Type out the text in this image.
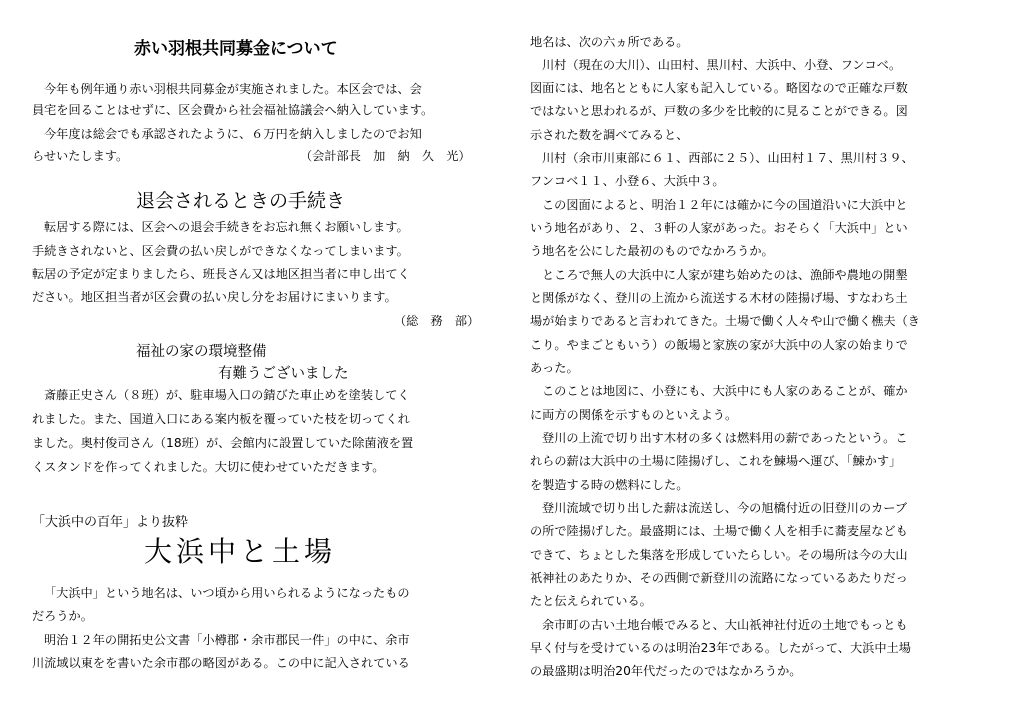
赤い羽根共同募金について
今年も例年通り赤い羽根共同募金が実施されました。本区会では、会
員宅を回ることはせずに、区会費から社会福祉協議会へ納入しています。
今年度は総会でも承認されたように、６万円を納入しましたのでお知
らせいたします。	（会計部長　加　納　久　光）
退会されるときの手続き
転居する際には、区会への退会手続きをお忘れ無くお願いします。
手続きされないと、区会費の払い戻しができなくなってしまいます。
転居の予定が定まりましたら、班長さん又は地区担当者に申し出てく
ださい。地区担当者が区会費の払い戻し分をお届けにまいります。
（総　務　部）
福祉の家の環境整備
有難うございました
斎藤正史さん（８班）が、駐車場入口の錆びた車止めを塗装してく
れました。また、国道入口にある案内板を覆っていた枝を切ってくれ
ました。奥村俊司さん（18班）が、会館内に設置していた除菌液を置
くスタンドを作ってくれました。大切に使わせていただきます。
「大浜中の百年」より抜粋
大浜中と土場
「大浜中」という地名は、いつ頃から用いられるようになったもの
だろうか。
明治１２年の開拓史公文書「小樽郡・余市郡民一件」の中に、余市
川流域以東をを書いた余市郡の略図がある。この中に記入されている
地名は、次の六ヵ所である。
川村（現在の大川）、山田村、黒川村、大浜中、小登、フンコベ。
図面には、地名とともに人家も記入している。略図なので正確な戸数
ではないと思われるが、戸数の多少を比較的に見ることができる。図
示された数を調べてみると、
川村（余市川東部に６１、西部に２５）、山田村１７、黒川村３９、
フンコベ１１、小登６、大浜中３。
この図面によると、明治１２年には確かに今の国道沿いに大浜中と
いう地名があり、２、３軒の人家があった。おそらく「大浜中」とい
う地名を公にした最初のものでなかろうか。
ところで無人の大浜中に人家が建ち始めたのは、漁師や農地の開墾
と関係がなく、登川の上流から流送する木材の陸揚げ場、すなわち土
場が始まりであると言われてきた。土場で働く人々や山で働く樵夫（き
こり。やまごともいう）の飯場と家族の家が大浜中の人家の始まりで
あった。
このことは地図に、小登にも、大浜中にも人家のあることが、確か
に両方の関係を示すものといえよう。
登川の上流で切り出す木材の多くは燃料用の薪であったという。こ
れらの薪は大浜中の土場に陸揚げし、これを鰊場へ運び、「鰊かす」
を製造する時の燃料にした。
登川流域で切り出した薪は流送し、今の旭橋付近の旧登川のカーブ
の所で陸揚げした。最盛期には、土場で働く人を相手に蕎麦屋なども
できて、ちょとした集落を形成していたらしい。その場所は今の大山
祇神社のあたりか、その西側で新登川の流路になっているあたりだっ
たと伝えられている。
余市町の古い土地台帳でみると、大山祇神社付近の土地でもっとも
早く付与を受けているのは明治23年である。したがって、大浜中土場
の最盛期は明治20年代だったのではなかろうか。
